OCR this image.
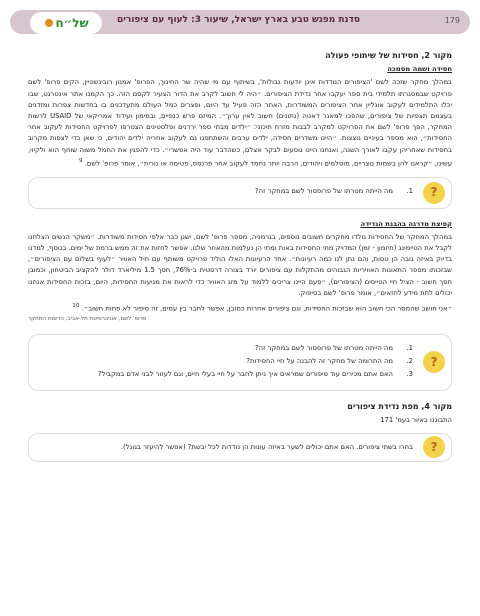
179
סדנת מפגש טבע בארץ ישראל, שיעור 3: לעוף עם ציפורים
של״ח
מקור 2, חסידות של שיתופי פעולה
חסידה ושמה מסמכה

במהלך מחקר שזכה לשם 'הציפורים הנודדות אינן יודעות גבולות', בשיתוף עם מי שהיה שר החינוך, הפרופ' אמנון רובינשטיין, הקים פרופ' לשם פרויקט שבמסגרתו תלמידי בית ספר יעקבו אחר נדידת הציפורים. ״היה לי חשוב לקרב את הדור הצעיר לקסם הזה. כך הקמנו אתר אינטרנט, שבו יכלו התלמידים לעקוב אונליין אחר הציפורים המשודרות, האתר הזה פעיל עד היום, ופצרים כמל העולם מתעדכנים בו בחדשות צפרות ומזדנים בעצמם תצפיות של ציפורים, שהפכו למאגר דאטה (נתונים) חשוב לאין ערוך״. המיזם פרש כנפיים, ובמימון ועידוד אמריקאי של USAID לרשות המחקר, הפך פרופ' לשם את הפרויקט למקרב לבבות מזרח תיכוני: ״ילדים מבתי ספר ירדנים ופלסטינים הצטרפו לפרויקט החסידות לעקוב אחר החסידות״, הוא מספר בעיניים נוצצות. ״היינו משדרים חסידה, ילדים ערבים והשתתפנו גם לעקוב אחריה ילדים יהודים, כי שאן כדי לצפות מקרוב בחסידות שאחריהן עקבו לאורך השנה, ואנחנו היינו נוסעים לבקר אצלם, כשהדבר עוד היה אפשרי״. כדי להפגין את החמל משוה שוחף הוא ולקיוי, עשינו, ״קראנו להן בשמות נוצריים, מוסלמים ויהודים, הרבה יותר נחמד לעקוב אחר פרנסס, פטימה או נורית״, אומר פרופ' לשם. $^9$

?
1.
מה הייתה מטרתו של פרופסור לשם במחקר זה?
קפיצת מדרגה בהבנת הנדידה

במהלך המחקר של החסידות נולדו מחקרים חשובים נוספים, בגרמניה, מספר פרופ' לשם, ישנן כבר אלפי חסידות משודרות. ״משקר הנשים הצלחנו לקבל את הטיימינג (תיזמון - זמן) המדויק מתי החסידות באות ומתי הן נעלמות מהאוזר שלנו. אפשר לחזות את זה ממש ברמת של ימים. בנוסף, למדנו בדיוק באיזה גובה הן טסות, והם נתן לנו כמה רעיונות״. אחד הרעיונות האלו הוליד פרויקט משותף עם חיל האוויר ״לעוף בשלום עם הציפורים״, שבזכותו מספר התאונות האוויריות הגבוהים מהתקלות עם ציפורים יורד בצורה דרסטית ב-76%, חסך 1.5 מיליארד דולר להקציב הביטחון, וכמובן חסך חשוב - הציל חיי הטייסים (הציפורים), ״פעם היינו צריכים ללמוד על מזג האוויר כדי לראות את מגיעות החסידות, היום, בזכות החסידות אנחנו יכולים לתת מידע לחזאים״, אומר פרופ' לשם בסיפוק.

״אני חושב שהמסר הכי חשוב הוא שבזכות החסידות, וגם ציפורים אחרות כמובן, אפשר לחבר בין עמים, זה סיפור לא פחות חשוב״. $^{10}$

פרופ' לשם, אוניברסיטת תל-אביב, הדשות המחקר
?
1.
מה הייתה מטרתו של פרופסור לשם במחקר זה?
2.
מה התרומה של מחקר זה להבנה על חיי החסידות?
3.
האם אתם מכירים עוד סיפורים שמראים איך ניתן לחבר על חיי בעלי חיים, וגם לעזור לבני אדם במקביל?
מקור 4, מפת נדידת ציפורים
התבוננו באיור בעמ' 171
?
בחרו בשתי ציפורים. האם אתם יכולים לשער באיזה עונות הן נודדות לכל יבשת? (אפשר להיעזר בגוגל).
